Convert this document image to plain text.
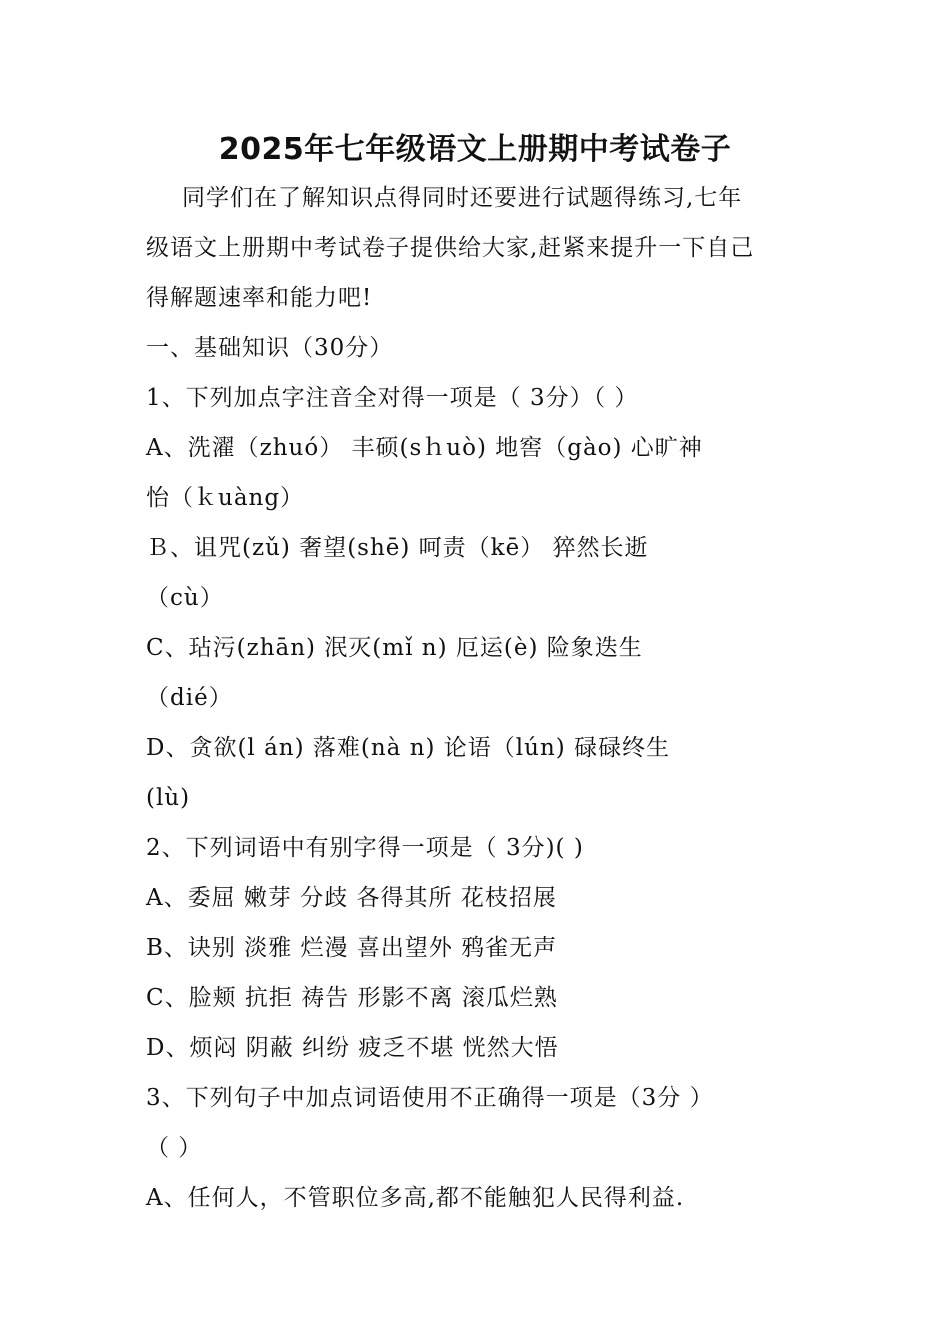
2025年七年级语文上册期中考试卷子
同学们在了解知识点得同时还要进行试题得练习,七年
级语文上册期中考试卷子提供给大家,赶紧来提升一下自己
得解题速率和能力吧!
一、基础知识（30分）
1、下列加点字注音全对得一项是（ 3分）（ ）
A、洗濯（zhuó） 丰硕(sｈuò) 地窖（gào) 心旷神
怡（ｋuàng）
Ｂ、诅咒(zǔ) 奢望(shē) 呵责（kē） 猝然长逝
（cù）
C、玷污(zhān) 泯灭(mǐ n) 厄运(è) 险象迭生
（dié）
D、贪欲(l án) 落难(nà n) 论语（lún) 碌碌终生
(lù)
2、下列词语中有别字得一项是（ 3分)( )
A、委屈 嫩芽 分歧 各得其所 花枝招展
B、诀别 淡雅 烂漫 喜出望外 鸦雀无声
C、脸颊 抗拒 祷告 形影不离 滚瓜烂熟
D、烦闷 阴蔽 纠纷 疲乏不堪 恍然大悟
3、下列句子中加点词语使用不正确得一项是（3分 ）
（ ）
A、任何人，不管职位多高,都不能触犯人民得利益.
